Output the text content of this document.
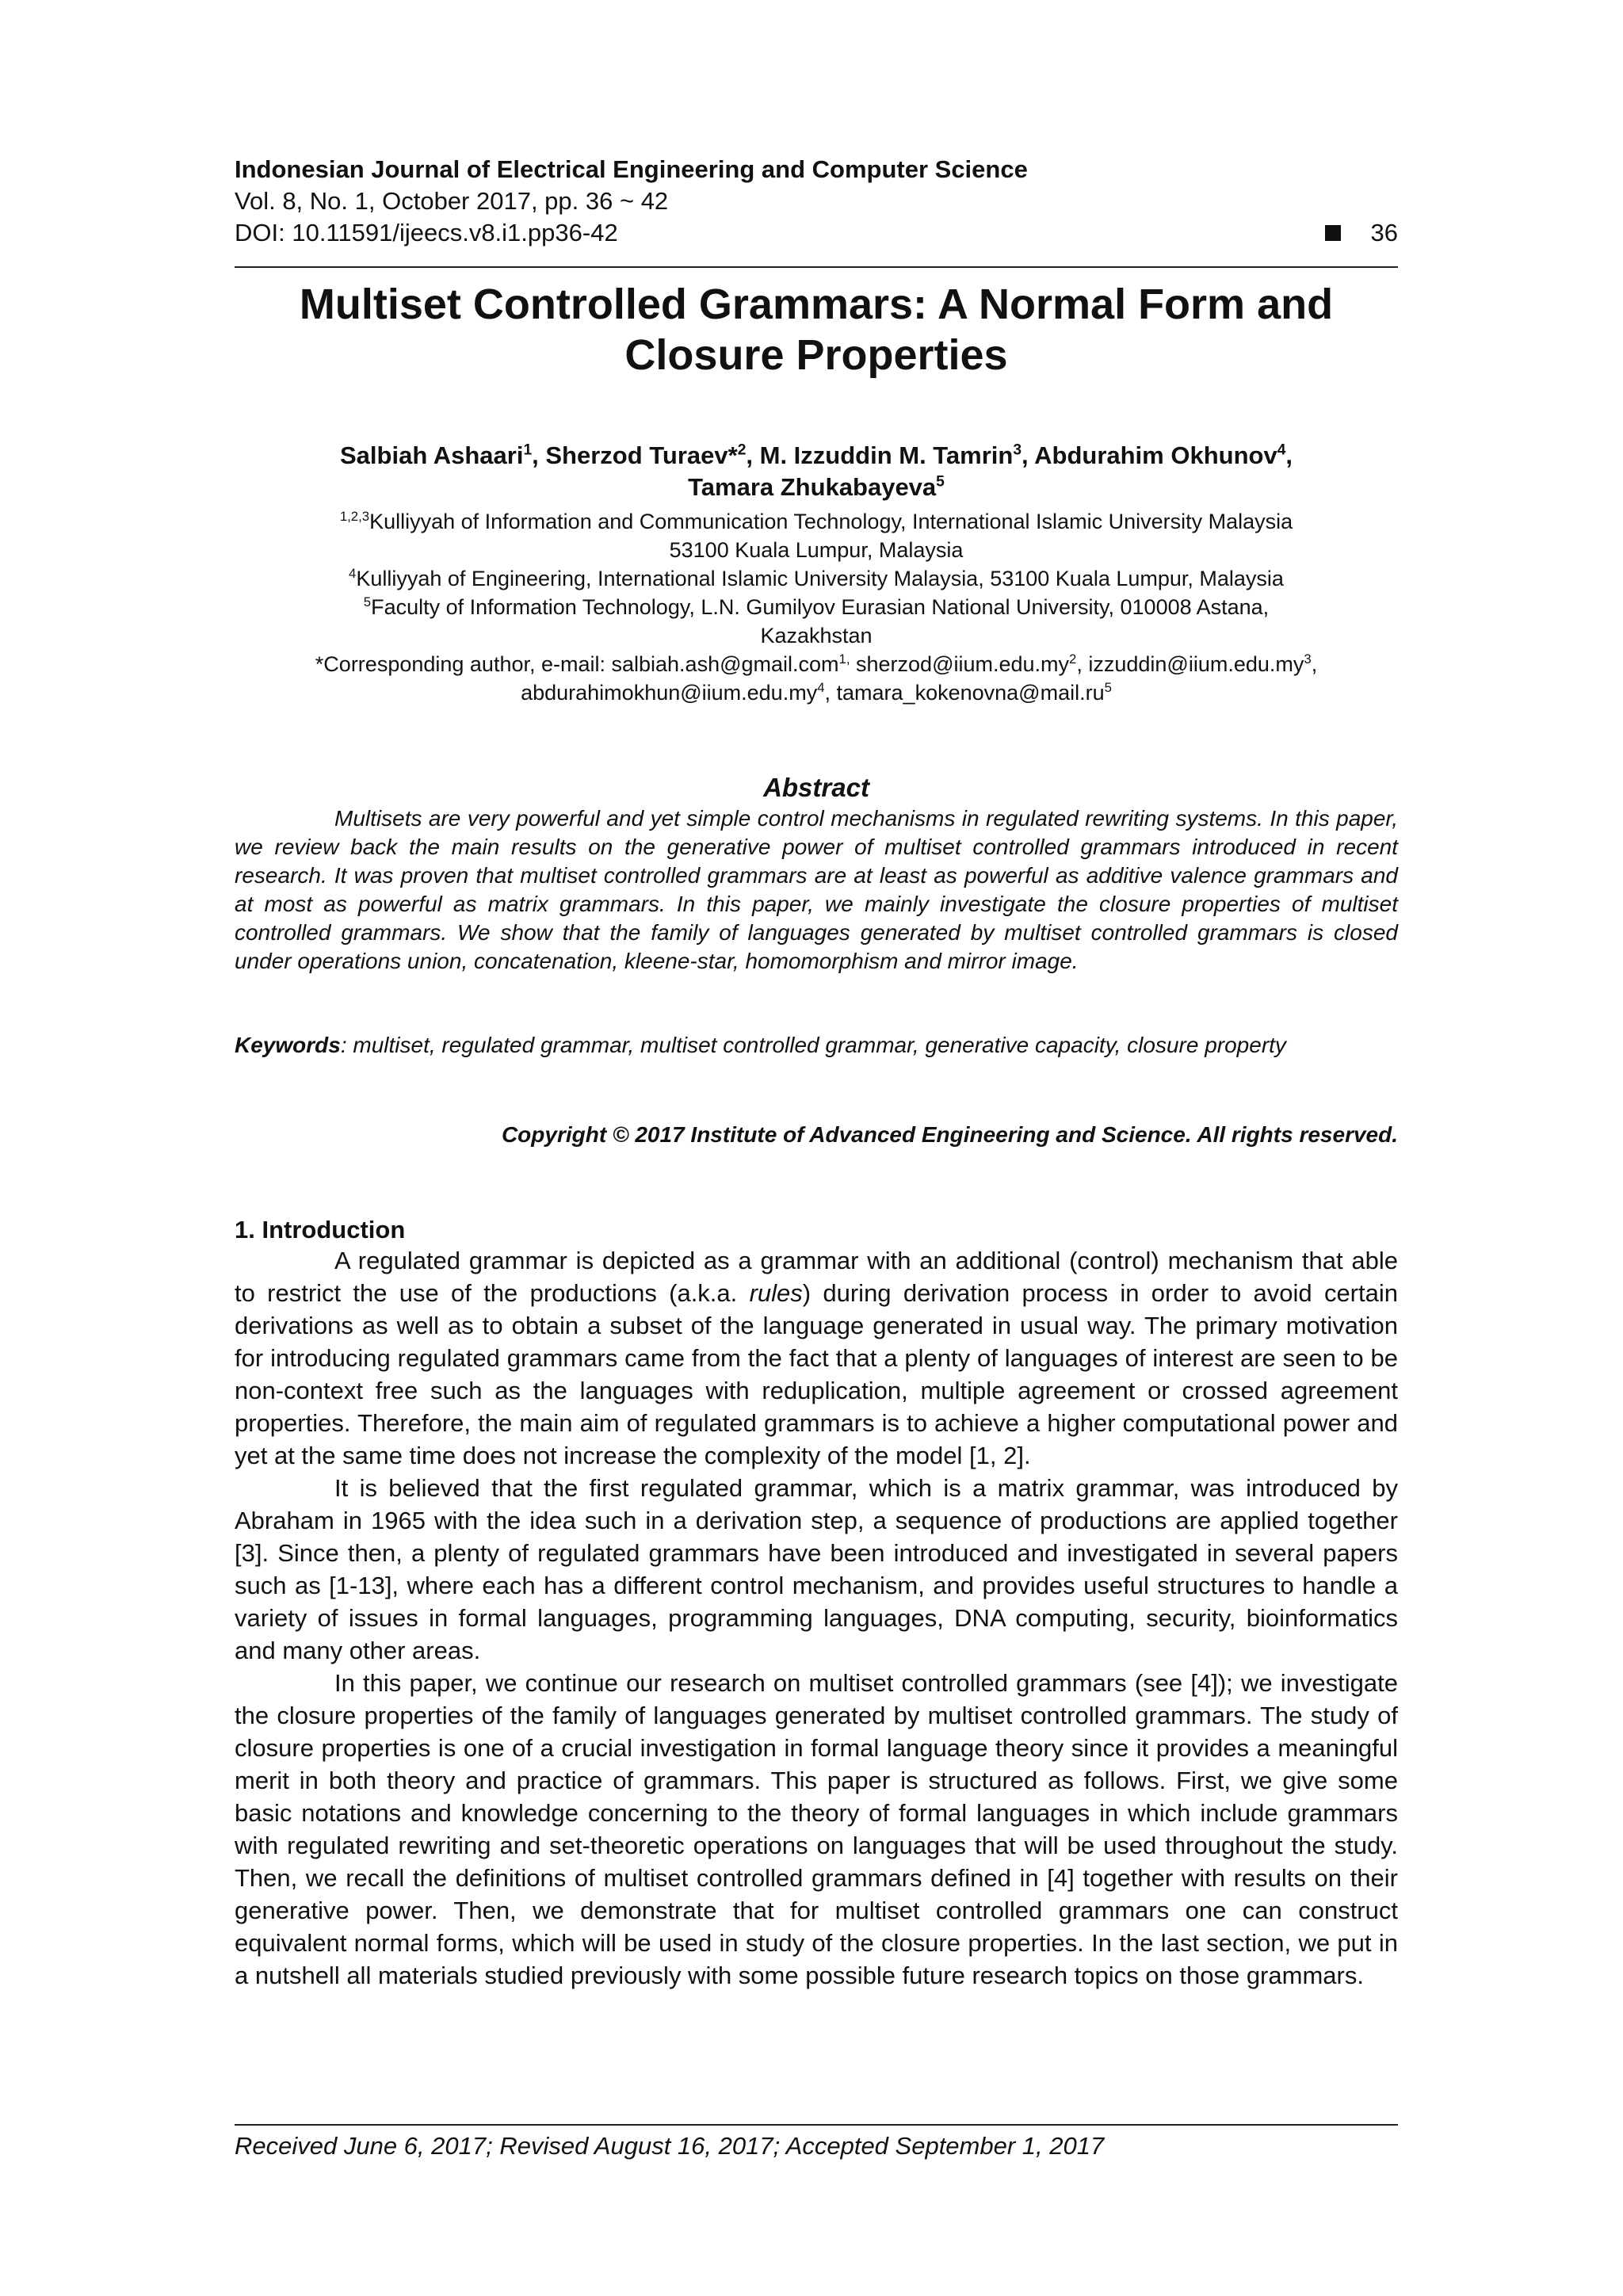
Indonesian Journal of Electrical Engineering and Computer Science
Vol. 8, No. 1, October 2017, pp. 36 ~ 42
DOI: 10.11591/ijeecs.v8.i1.pp36-42	36
Multiset Controlled Grammars: A Normal Form and
Closure Properties
Salbiah Ashaari$^1$, Sherzod Turaev*$^2$, M. Izzuddin M. Tamrin$^3$, Abdurahim Okhunov$^4$,
Tamara Zhukabayeva$^5$
$^{1,2,3}$Kulliyyah of Information and Communication Technology, International Islamic University Malaysia
53100 Kuala Lumpur, Malaysia
$^4$Kulliyyah of Engineering, International Islamic University Malaysia, 53100 Kuala Lumpur, Malaysia
$^5$Faculty of Information Technology, L.N. Gumilyov Eurasian National University, 010008 Astana,
Kazakhstan
*Corresponding author, e-mail: salbiah.ash@gmail.com$^{1,}$ $sherzod@iium.edu.my^2$, $izzuddin@iium.edu.my^3$,
$abdurahimokhun@iium.edu.my^4$, $tamara\_kokenovna@mail.ru^5$
Abstract
Multisets are very powerful and yet simple control mechanisms in regulated rewriting systems. In this paper, we review back the main results on the generative power of multiset controlled grammars introduced in recent research. It was proven that multiset controlled grammars are at least as powerful as additive valence grammars and at most as powerful as matrix grammars. In this paper, we mainly investigate the closure properties of multiset controlled grammars. We show that the family of languages generated by multiset controlled grammars is closed under operations union, concatenation, kleene-star, homomorphism and mirror image.
Keywords: multiset, regulated grammar, multiset controlled grammar, generative capacity, closure property
Copyright © 2017 Institute of Advanced Engineering and Science. All rights reserved.
1. Introduction

A regulated grammar is depicted as a grammar with an additional (control) mechanism that able to restrict the use of the productions (a.k.a. rules) during derivation process in order to avoid certain derivations as well as to obtain a subset of the language generated in usual way. The primary motivation for introducing regulated grammars came from the fact that a plenty of languages of interest are seen to be non-context free such as the languages with reduplication, multiple agreement or crossed agreement properties. Therefore, the main aim of regulated grammars is to achieve a higher computational power and yet at the same time does not increase the complexity of the model [1, 2].

It is believed that the first regulated grammar, which is a matrix grammar, was introduced by Abraham in 1965 with the idea such in a derivation step, a sequence of productions are applied together [3]. Since then, a plenty of regulated grammars have been introduced and investigated in several papers such as [1-13], where each has a different control mechanism, and provides useful structures to handle a variety of issues in formal languages, programming languages, DNA computing, security, bioinformatics and many other areas.

In this paper, we continue our research on multiset controlled grammars (see [4]); we investigate the closure properties of the family of languages generated by multiset controlled grammars. The study of closure properties is one of a crucial investigation in formal language theory since it provides a meaningful merit in both theory and practice of grammars. This paper is structured as follows. First, we give some basic notations and knowledge concerning to the theory of formal languages in which include grammars with regulated rewriting and set-theoretic operations on languages that will be used throughout the study. Then, we recall the definitions of multiset controlled grammars defined in [4] together with results on their generative power. Then, we demonstrate that for multiset controlled grammars one can construct equivalent normal forms, which will be used in study of the closure properties. In the last section, we put in a nutshell all materials studied previously with some possible future research topics on those grammars.

Received June 6, 2017; Revised August 16, 2017; Accepted September 1, 2017
